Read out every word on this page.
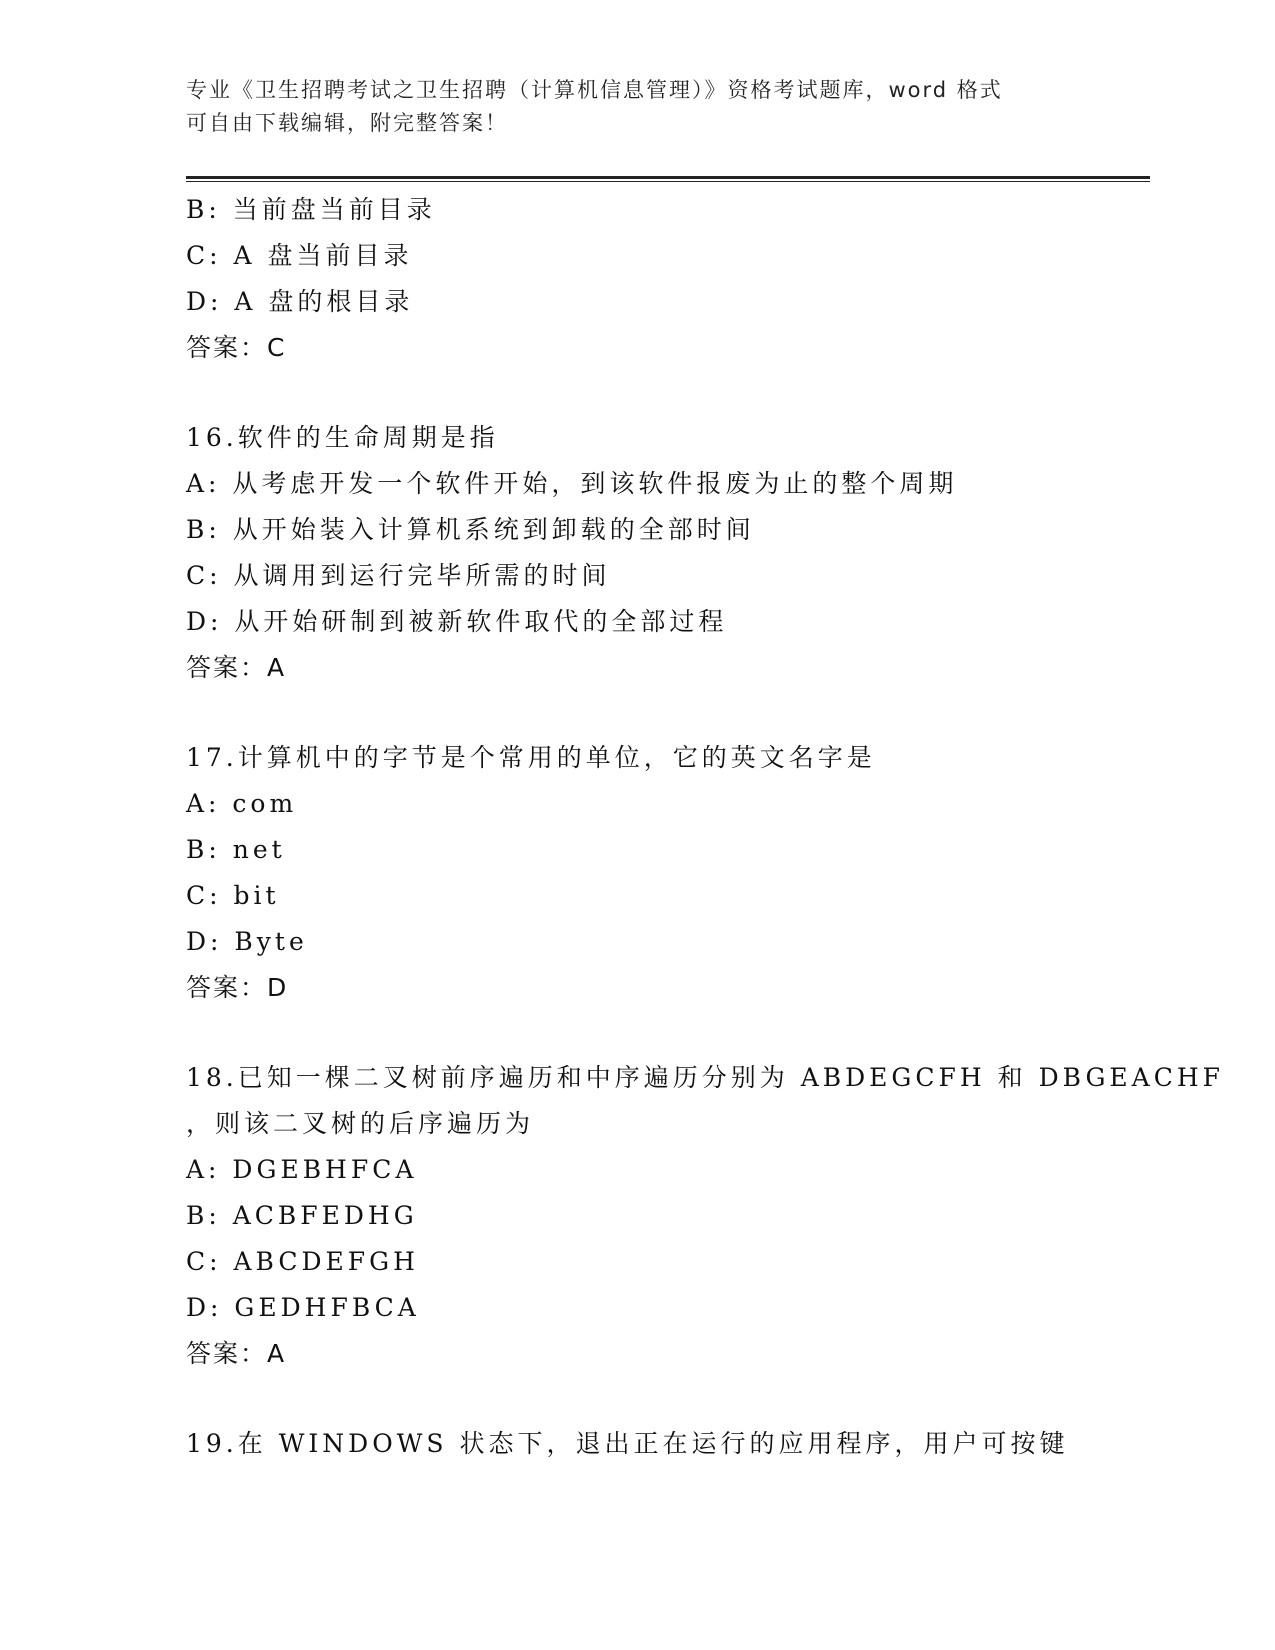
专业《卫生招聘考试之卫生招聘（计算机信息管理）》资格考试题库，word 格式
可自由下载编辑，附完整答案！
B: 当前盘当前目录
C: A 盘当前目录
D: A 盘的根目录
答案：C
16.软件的生命周期是指
A: 从考虑开发一个软件开始，到该软件报废为止的整个周期
B: 从开始装入计算机系统到卸载的全部时间
C: 从调用到运行完毕所需的时间
D: 从开始研制到被新软件取代的全部过程
答案：A
17.计算机中的字节是个常用的单位，它的英文名字是
A: com
B: net
C: bit
D: Byte
答案：D
18.已知一棵二叉树前序遍历和中序遍历分别为 ABDEGCFH 和 DBGEACHF
，则该二叉树的后序遍历为
A: DGEBHFCA
B: ACBFEDHG
C: ABCDEFGH
D: GEDHFBCA
答案：A
19.在 WINDOWS 状态下，退出正在运行的应用程序，用户可按键
